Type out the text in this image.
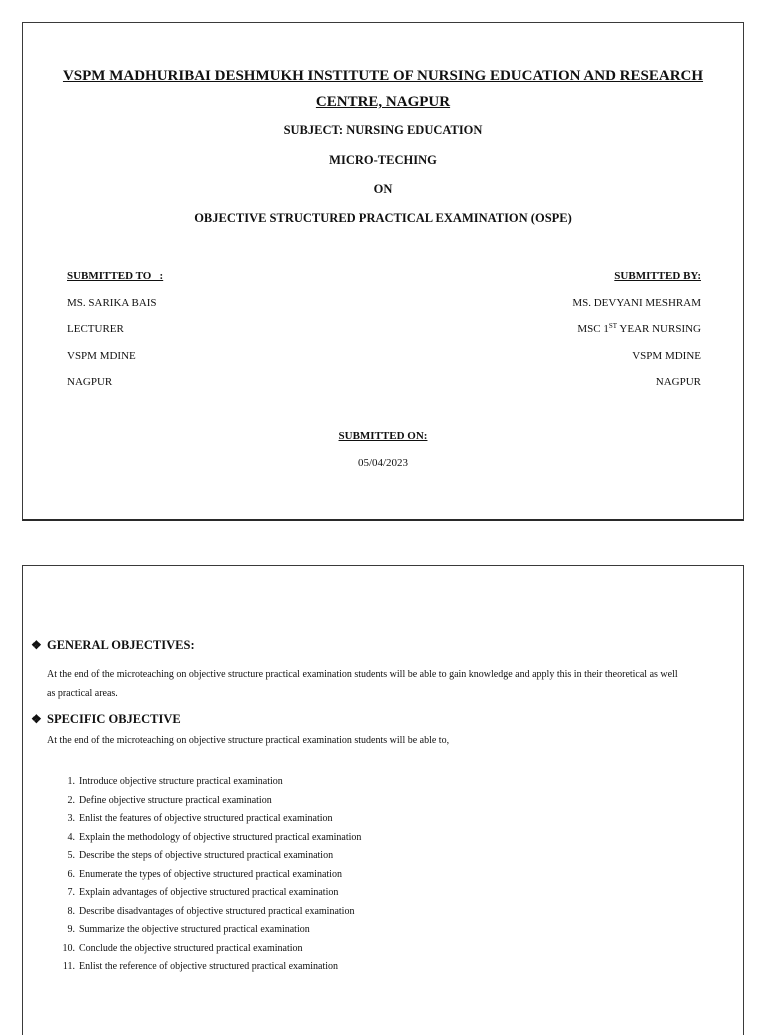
VSPM MADHURIBAI DESHMUKH INSTITUTE OF NURSING EDUCATION AND RESEARCH CENTRE, NAGPUR
SUBJECT: NURSING EDUCATION
MICRO-TECHING
ON
OBJECTIVE STRUCTURED PRACTICAL EXAMINATION (OSPE)
SUBMITTED TO   :
MS. SARIKA BAIS
LECTURER
VSPM MDINE
NAGPUR
SUBMITTED BY:
MS. DEVYANI MESHRAM
MSC 1ST YEAR NURSING
VSPM MDINE
NAGPUR
SUBMITTED ON:
05/04/2023
❖ GENERAL OBJECTIVES:
At the end of the microteaching on objective structure practical examination students will be able to gain knowledge and apply this in their theoretical as well as practical areas.
❖ SPECIFIC OBJECTIVE
At the end of the microteaching on objective structure practical examination students will be able to,
1. Introduce objective structure practical examination
2. Define objective structure practical examination
3. Enlist the features of objective structured practical examination
4. Explain the methodology of objective structured practical examination
5. Describe the steps of objective structured practical examination
6. Enumerate the types of objective structured practical examination
7. Explain advantages of objective structured practical examination
8. Describe disadvantages of objective structured practical examination
9. Summarize the objective structured practical examination
10. Conclude the objective structured practical examination
11. Enlist the reference of objective structured practical examination
